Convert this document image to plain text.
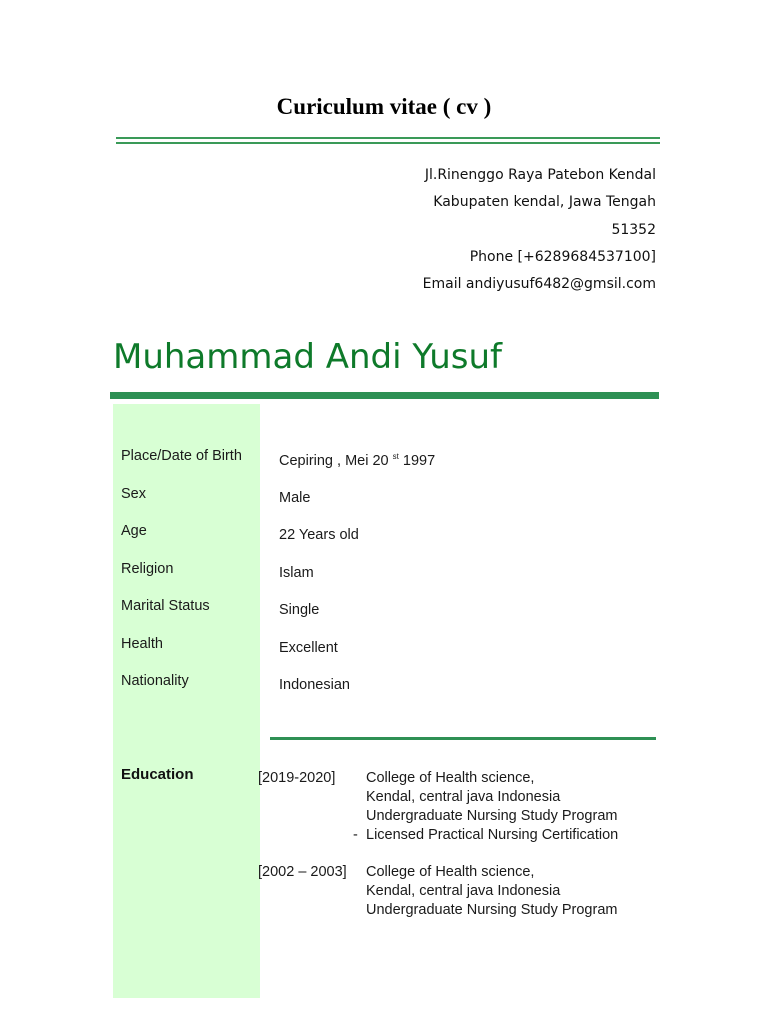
Curiculum vitae ( cv )
Jl.Rinenggo Raya Patebon Kendal
Kabupaten kendal, Jawa Tengah
51352
Phone [+6289684537100]
Email andiyusuf6482@gmsil.com
Muhammad Andi Yusuf
Place/Date of Birth
Sex
Age
Religion
Marital Status
Health
Nationality
Cepiring , Mei 20 $^{st}$ 1997
Male
22 Years old
Islam
Single
Excellent
Indonesian
Education	[2019-2020] College of Health science,
Kendal, central java Indonesia
Undergraduate Nursing Study Program
- Licensed Practical Nursing Certification
[2002 – 2003] College of Health science,
Kendal, central java Indonesia
Undergraduate Nursing Study Program
